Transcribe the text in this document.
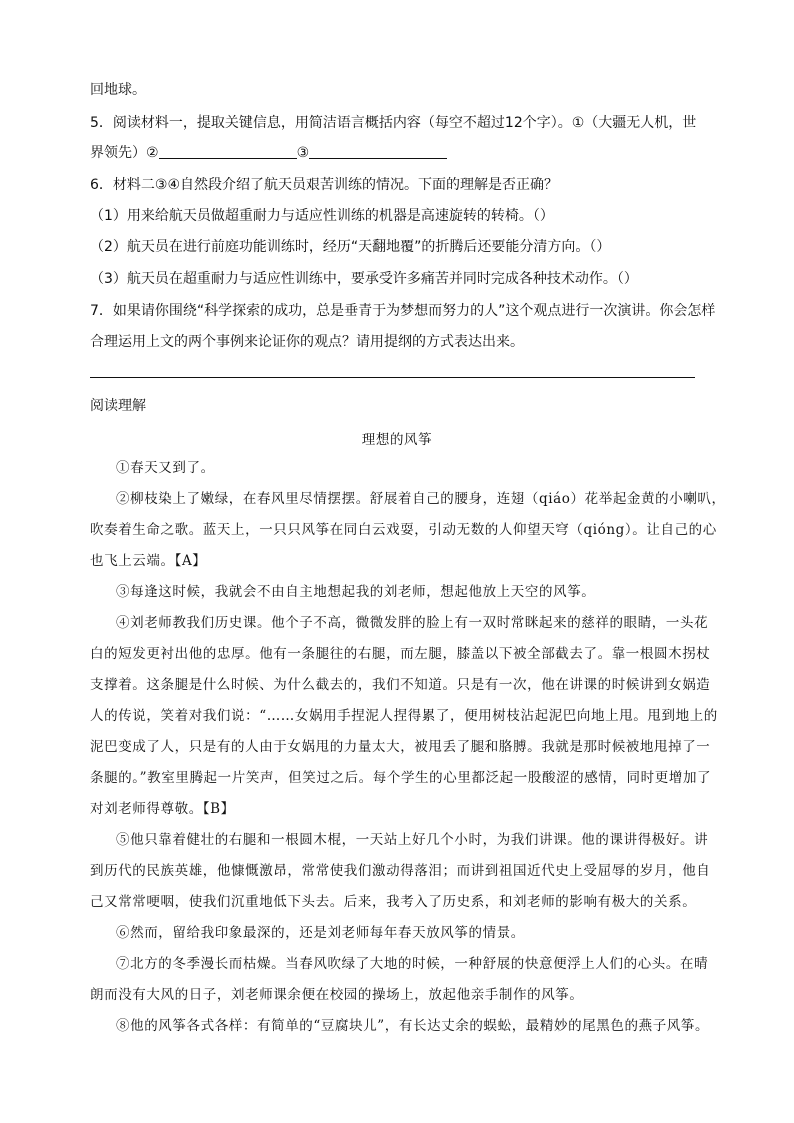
回地球。
5．阅读材料一，提取关键信息，用简洁语言概括内容（每空不超过12个字）。①（大疆无人机，世
界领先）②	③
6．材料二③④自然段介绍了航天员艰苦训练的情况。下面的理解是否正确？
（1）用来给航天员做超重耐力与适应性训练的机器是高速旋转的转椅。（）
（2）航天员在进行前庭功能训练时，经历“天翻地覆”的折腾后还要能分清方向。（）
（3）航天员在超重耐力与适应性训练中，要承受许多痛苦并同时完成各种技术动作。（）
7．如果请你围绕“科学探索的成功，总是垂青于为梦想而努力的人”这个观点进行一次演讲。你会怎样
合理运用上文的两个事例来论证你的观点？请用提纲的方式表达出来。
阅读理解
理想的风筝
①春天又到了。
②柳枝染上了嫩绿，在春风里尽情摆摆。舒展着自己的腰身，连翅（qiáo）花举起金黄的小喇叭，
吹奏着生命之歌。蓝天上，一只只风筝在同白云戏耍，引动无数的人仰望天穹（qióng）。让自己的心
也飞上云端。【A】
③每逢这时候，我就会不由自主地想起我的刘老师，想起他放上天空的风筝。
④刘老师教我们历史课。他个子不高，微微发胖的脸上有一双时常眯起来的慈祥的眼睛，一头花
白的短发更衬出他的忠厚。他有一条腿往的右腿，而左腿，膝盖以下被全部截去了。靠一根圆木拐杖
支撑着。这条腿是什么时候、为什么截去的，我们不知道。只是有一次，他在讲课的时候讲到女娲造
人的传说，笑着对我们说：“……女娲用手捏泥人捏得累了，便用树枝沾起泥巴向地上甩。甩到地上的
泥巴变成了人，只是有的人由于女娲甩的力量太大，被甩丢了腿和胳膊。我就是那时候被地甩掉了一
条腿的。”教室里腾起一片笑声，但笑过之后。每个学生的心里都泛起一股酸涩的感情，同时更增加了
对刘老师得尊敬。【B】
⑤他只靠着健壮的右腿和一根圆木棍，一天站上好几个小时，为我们讲课。他的课讲得极好。讲
到历代的民族英雄，他慷慨激昂，常常使我们激动得落泪；而讲到祖国近代史上受屈辱的岁月，他自
己又常常哽咽，使我们沉重地低下头去。后来，我考入了历史系，和刘老师的影响有极大的关系。
⑥然而，留给我印象最深的，还是刘老师每年春天放风筝的情景。
⑦北方的冬季漫长而枯燥。当春风吹绿了大地的时候，一种舒展的快意便浮上人们的心头。在晴
朗而没有大风的日子，刘老师课余便在校园的操场上，放起他亲手制作的风筝。
⑧他的风筝各式各样：有简单的“豆腐块儿”，有长达丈余的蜈蚣，最精妙的尾黑色的燕子风筝。
